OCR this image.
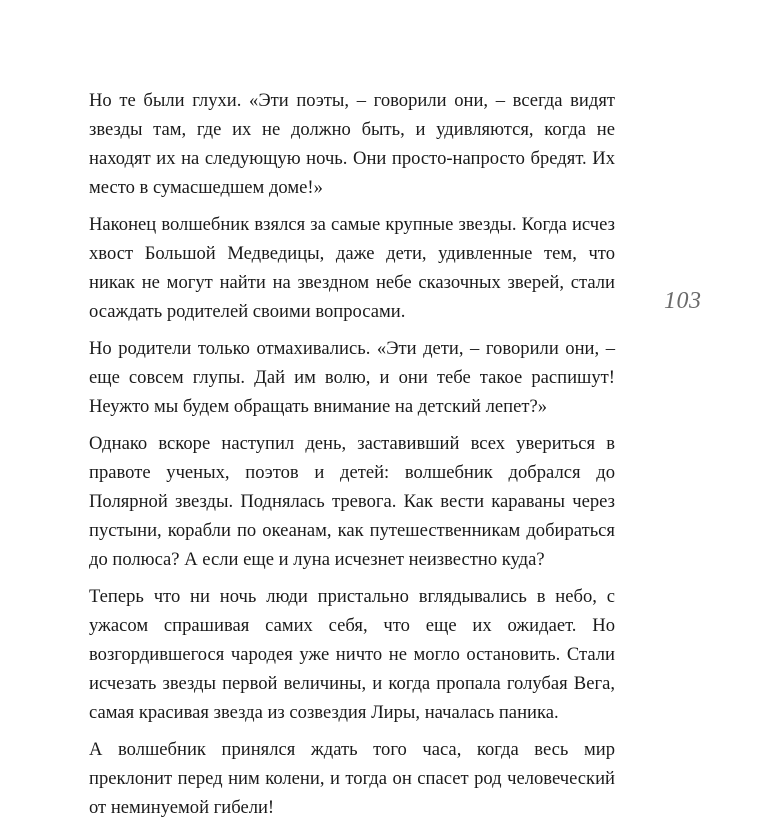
Но те были глухи. «Эти поэты, – говорили они, – всегда видят звезды там, где их не должно быть, и удивляются, когда не находят их на следующую ночь. Они просто-напросто бредят. Их место в сумасшедшем доме!»

Наконец волшебник взялся за самые крупные звезды. Когда исчез хвост Большой Медведицы, даже дети, удивленные тем, что никак не могут найти на звездном небе сказочных зверей, стали осаждать родителей своими вопросами.

Но родители только отмахивались. «Эти дети, – говорили они, – еще совсем глупы. Дай им волю, и они тебе такое распишут! Неужто мы будем обращать внимание на детский лепет?»

Однако вскоре наступил день, заставивший всех увериться в правоте ученых, поэтов и детей: волшебник добрался до Полярной звезды. Поднялась тревога. Как вести караваны через пустыни, корабли по океанам, как путешественникам добираться до полюса? А если еще и луна исчезнет неизвестно куда?

Теперь что ни ночь люди пристально вглядывались в небо, с ужасом спрашивая самих себя, что еще их ожидает. Но возгордившегося чародея уже ничто не могло остановить. Стали исчезать звезды первой величины, и когда пропала голубая Вега, самая красивая звезда из созвездия Лиры, началась паника.

А волшебник принялся ждать того часа, когда весь мир преклонит перед ним колени, и тогда он спасет род человеческий от неминуемой гибели!

103
